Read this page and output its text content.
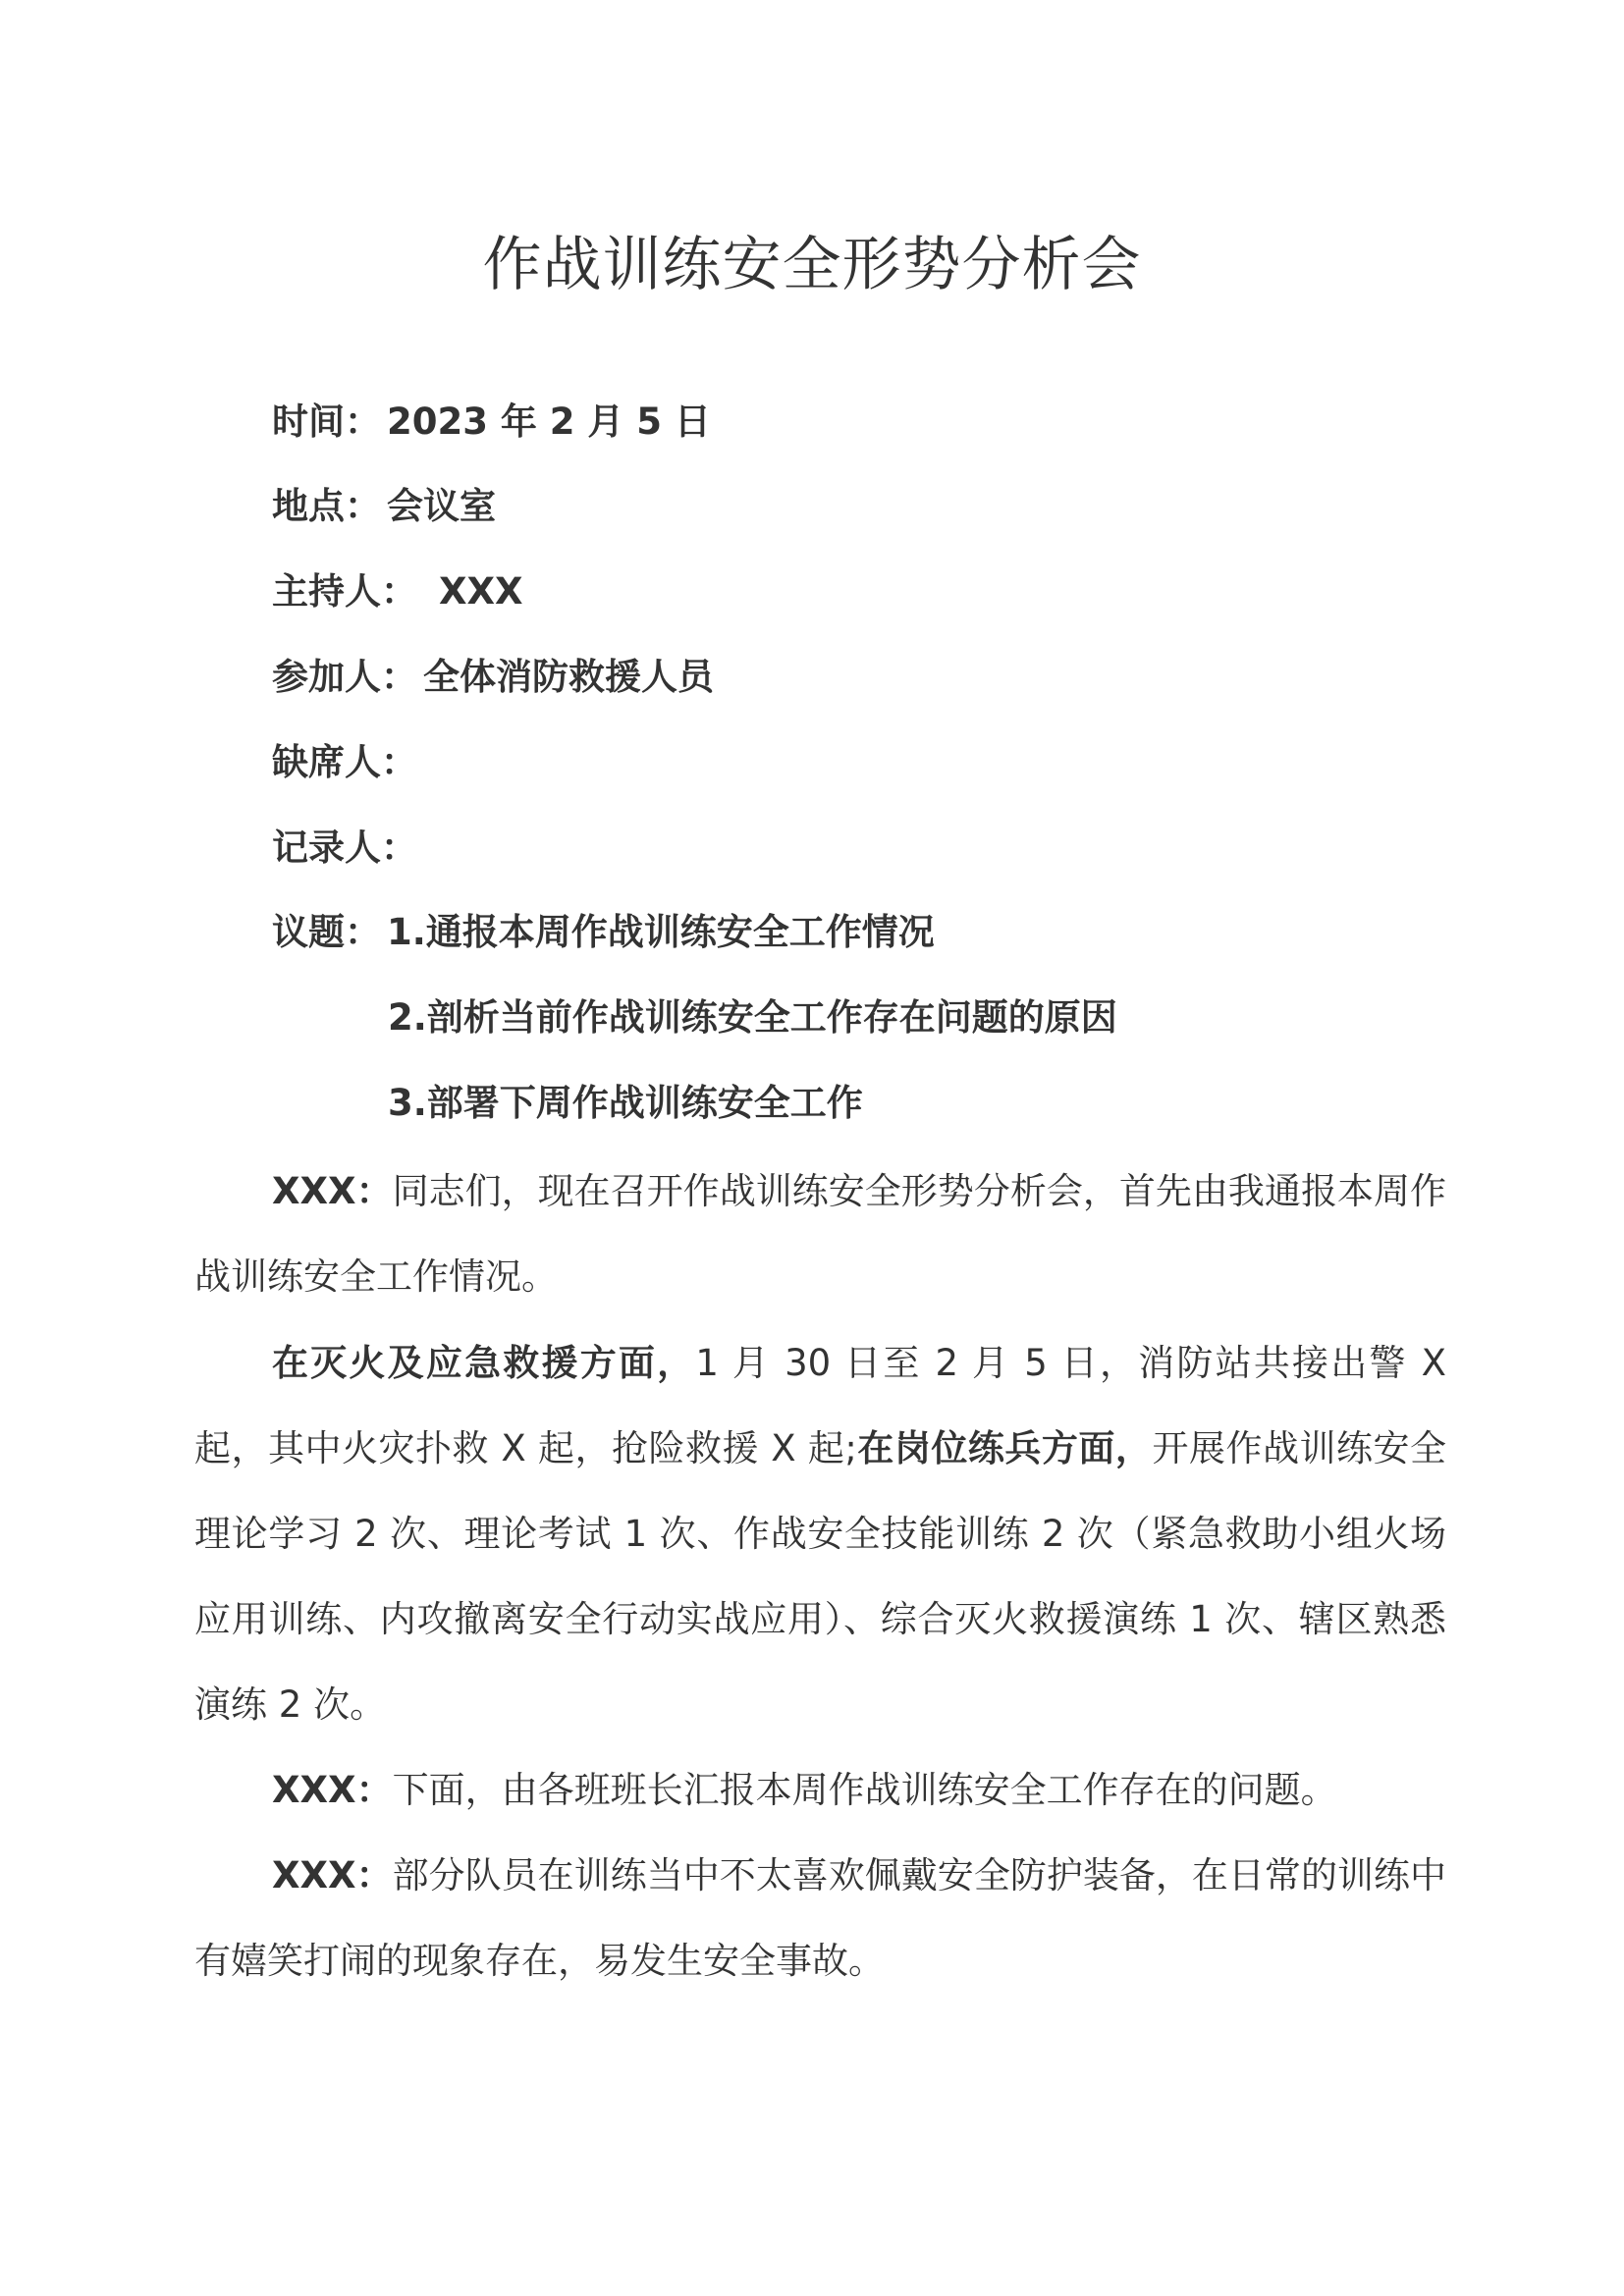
作战训练安全形势分析会
时间： 2023 年 2 月 5 日
地点： 会议室
主持人： XXX
参加人： 全体消防救援人员
缺席人：
记录人：
议题： 1.通报本周作战训练安全工作情况
2.剖析当前作战训练安全工作存在问题的原因
3.部署下周作战训练安全工作
XXX：同志们，现在召开作战训练安全形势分析会，首先由我通报本周作战训练安全工作情况。
在灭火及应急救援方面，1 月 30 日至 2 月 5 日，消防站共接出警 X 起，其中火灾扑救 X 起，抢险救援 X 起;在岗位练兵方面，开展作战训练安全理论学习 2 次、理论考试 1 次、作战安全技能训练 2 次（紧急救助小组火场应用训练、内攻撤离安全行动实战应用）、综合灭火救援演练 1 次、辖区熟悉演练 2 次。
XXX：下面，由各班班长汇报本周作战训练安全工作存在的问题。
XXX：部分队员在训练当中不太喜欢佩戴安全防护装备，在日常的训练中有嬉笑打闹的现象存在，易发生安全事故。
